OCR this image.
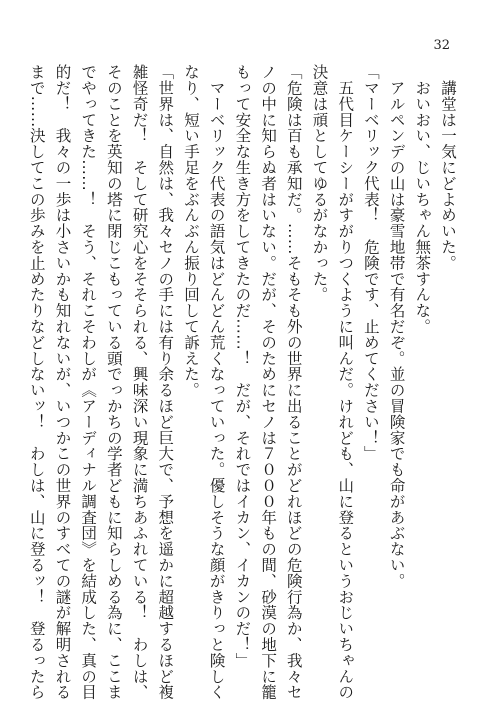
32
　講堂は一気にどよめいた。
　おいおい、じいちゃん無茶すんな。
　アルペンデの山は豪雪地帯で有名だぞ。並の冒険家でも命があぶない。
「マーベリック代表！　危険です、止めてください！」
　五代目ケーシーがすがりつくように叫んだ。けれども、山に登るというおじいちゃんの
決意は頑としてゆるがなかった。
「危険は百も承知だ。……そもそも外の世界に出ることがどれほどの危険行為か、我々セ
ノの中に知らぬ者はいない。だが、そのためにセノは７０００年もの間、砂漠の地下に籠
もって安全な生き方をしてきたのだ……！　だが、それではイカン、イカンのだ！」
　マーベリック代表の語気はどんどん荒くなっていった。優しそうな顔がきりっと険しく
なり、短い手足をぶんぶん振り回して訴えた。
「世界は、自然は、我々セノの手には有り余るほど巨大で、予想を遥かに超越するほど複
雑怪奇だ！　そして研究心をそそられる、興味深い現象に満ちあふれている！　わしは、
そのことを英知の塔に閉じこもっている頭でっかちの学者どもに知らしめる為に、ここま
でやってきた……！　そう、それこそわしが《アーディナル調査団》を結成した、真の目
的だ！　我々の一歩は小さいかも知れないが、いつかこの世界のすべての謎が解明される
まで……決してこの歩みを止めたりなどしないッ！　わしは、山に登るッ！　登るったら
